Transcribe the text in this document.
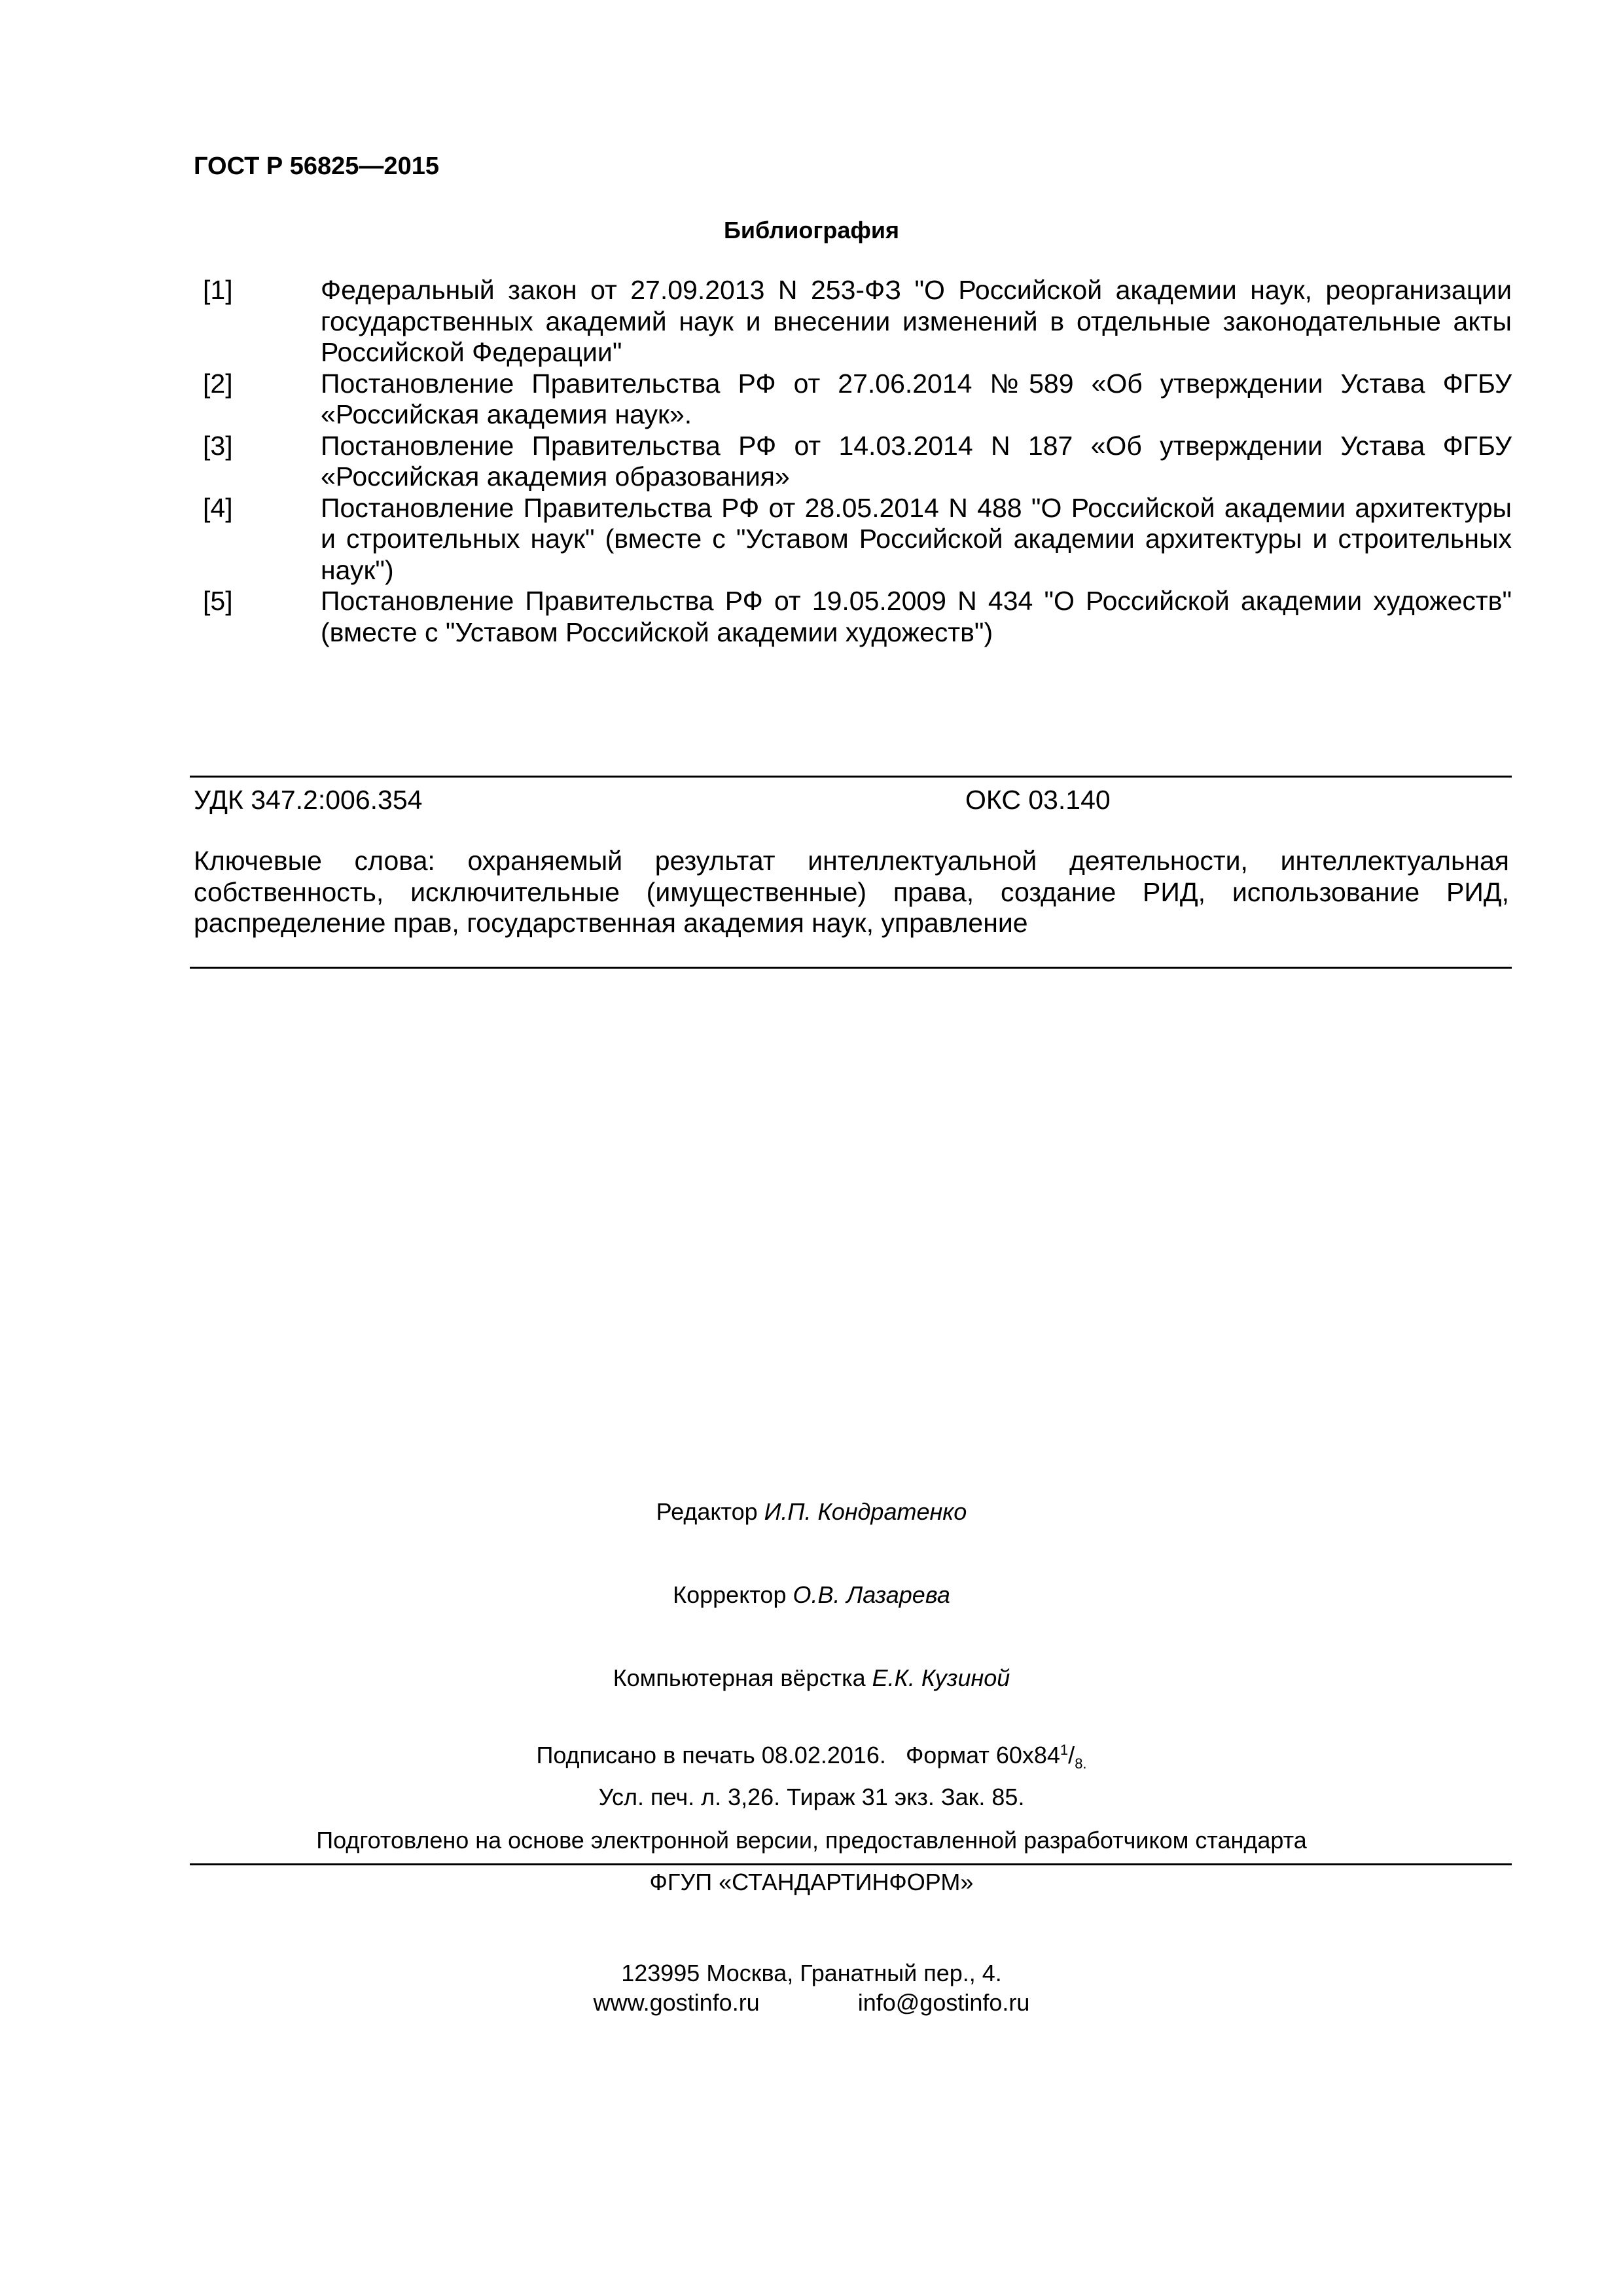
ГОСТ Р 56825—2015
Библиография
[1]	Федеральный закон от 27.09.2013 N 253-ФЗ "О Российской академии наук, реорганизации государственных академий наук и внесении изменений в отдельные законодательные акты Российской Федерации"
[2]	Постановление Правительства РФ от 27.06.2014 №589 «Об утверждении Устава ФГБУ «Российская академия наук».
[3]	Постановление Правительства РФ от 14.03.2014 N 187 «Об утверждении Устава ФГБУ «Российская академия образования»
[4]	Постановление Правительства РФ от 28.05.2014 N 488 "О Российской академии архитектуры и строительных наук" (вместе с "Уставом Российской академии архитектуры и строительных наук")
[5]	Постановление Правительства РФ от 19.05.2009 N 434 "О Российской академии художеств" (вместе с "Уставом Российской академии художеств")
УДК 347.2:006.354	ОКС 03.140
Ключевые слова: охраняемый результат интеллектуальной деятельности, интеллектуальная собственность, исключительные (имущественные) права, создание РИД, использование РИД, распределение прав, государственная академия наук, управление
Редактор И.П. Кондратенко
Корректор О.В. Лазарева
Компьютерная вёрстка Е.К. Кузиной
Подписано в печать 08.02.2016.   Формат $60х84^1/_{8.}$
Усл. печ. л. 3,26. Тираж 31 экз. Зак. 85.
Подготовлено на основе электронной версии, предоставленной разработчиком стандарта
ФГУП «СТАНДАРТИНФОРМ»
123995 Москва, Гранатный пер., 4.
www.gostinfo.ru	info@gostinfo.ru
